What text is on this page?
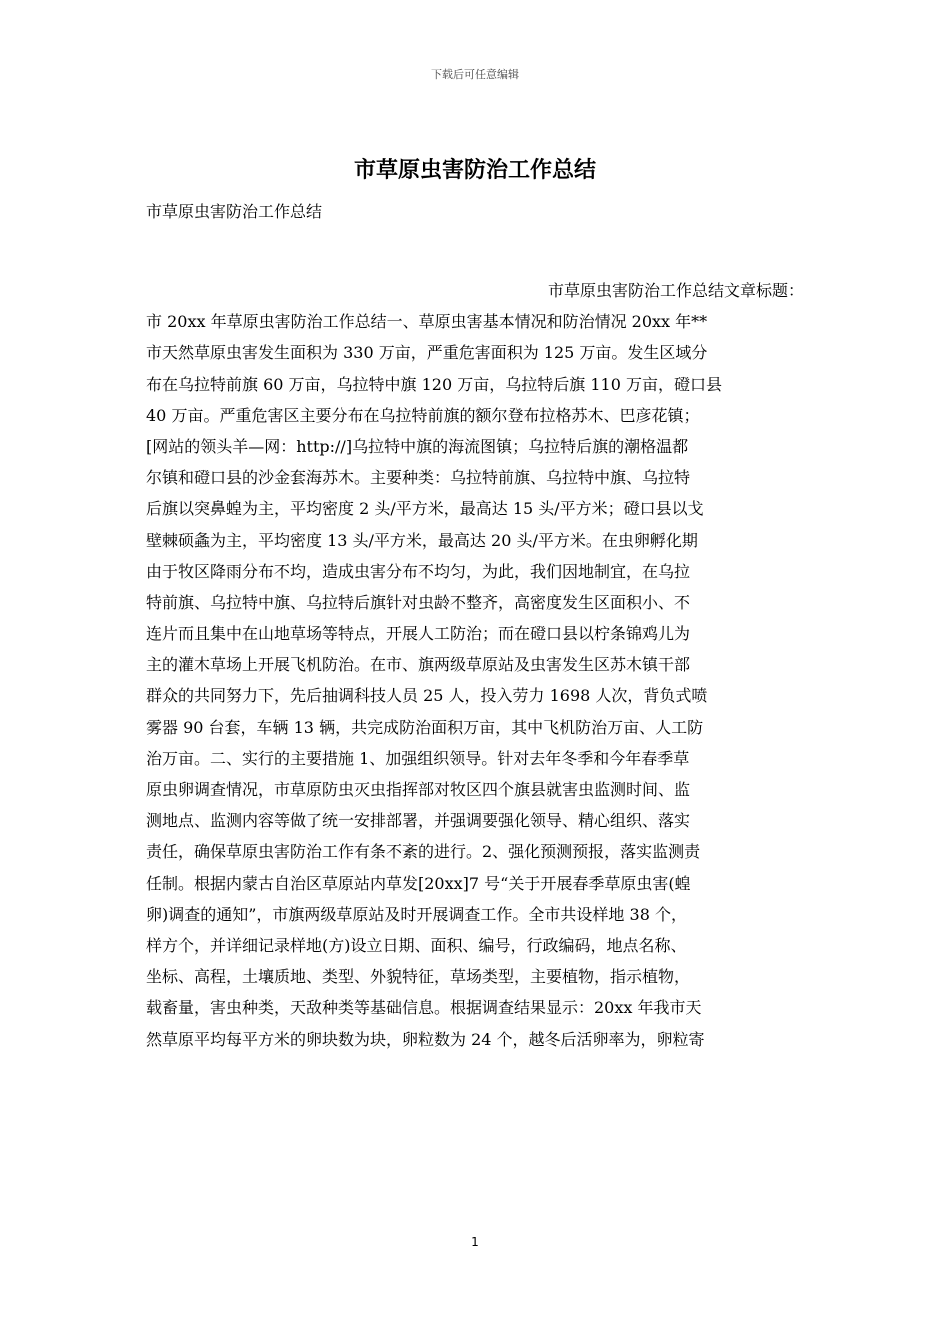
下载后可任意编辑
市草原虫害防治工作总结

市草原虫害防治工作总结

市草原虫害防治工作总结文章标题：
市 20xx 年草原虫害防治工作总结一、草原虫害基本情况和防治情况 20xx 年**
市天然草原虫害发生面积为 330 万亩，严重危害面积为 125 万亩。发生区域分
布在乌拉特前旗 60 万亩，乌拉特中旗 120 万亩，乌拉特后旗 110 万亩，磴口县
40 万亩。严重危害区主要分布在乌拉特前旗的额尔登布拉格苏木、巴彦花镇；
[网站的领头羊—网：http://]乌拉特中旗的海流图镇；乌拉特后旗的潮格温都
尔镇和磴口县的沙金套海苏木。主要种类：乌拉特前旗、乌拉特中旗、乌拉特
后旗以突鼻蝗为主，平均密度 2 头/平方米，最高达 15 头/平方米；磴口县以戈
壁棘硕螽为主，平均密度 13 头/平方米，最高达 20 头/平方米。在虫卵孵化期
由于牧区降雨分布不均，造成虫害分布不均匀，为此，我们因地制宜，在乌拉
特前旗、乌拉特中旗、乌拉特后旗针对虫龄不整齐，高密度发生区面积小、不
连片而且集中在山地草场等特点，开展人工防治；而在磴口县以柠条锦鸡儿为
主的灌木草场上开展飞机防治。在市、旗两级草原站及虫害发生区苏木镇干部
群众的共同努力下，先后抽调科技人员 25 人，投入劳力 1698 人次，背负式喷
雾器 90 台套，车辆 13 辆，共完成防治面积万亩，其中飞机防治万亩、人工防
治万亩。二、实行的主要措施 1、加强组织领导。针对去年冬季和今年春季草
原虫卵调查情况，市草原防虫灭虫指挥部对牧区四个旗县就害虫监测时间、监
测地点、监测内容等做了统一安排部署，并强调要强化领导、精心组织、落实
责任，确保草原虫害防治工作有条不紊的进行。2、强化预测预报，落实监测责
任制。根据内蒙古自治区草原站内草发[20xx]7 号“关于开展春季草原虫害(蝗
卵)调查的通知”，市旗两级草原站及时开展调查工作。全市共设样地 38 个，
样方个，并详细记录样地(方)设立日期、面积、编号，行政编码，地点名称、
坐标、高程，土壤质地、类型、外貌特征，草场类型，主要植物，指示植物，
载畜量，害虫种类，天敌种类等基础信息。根据调查结果显示：20xx 年我市天
然草原平均每平方米的卵块数为块，卵粒数为 24 个，越冬后活卵率为，卵粒寄
1
